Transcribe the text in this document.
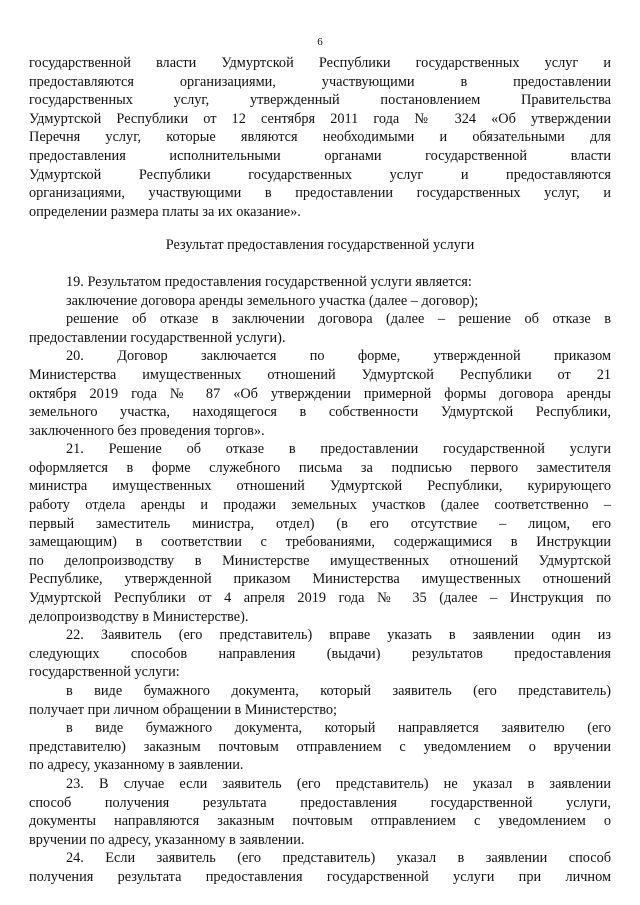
6

государственной власти Удмуртской Республики государственных услуг и

предоставляются организациями, участвующими в предоставлении

государственных услуг, утвержденный постановлением Правительства

Удмуртской Республики от 12 сентября 2011 года № 324 «Об утверждении

Перечня услуг, которые являются необходимыми и обязательными для

предоставления исполнительными органами государственной власти

Удмуртской Республики государственных услуг и предоставляются

организациями, участвующими в предоставлении государственных услуг, и

определении размера платы за их оказание».

Результат предоставления государственной услуги

19. Результатом предоставления государственной услуги является:

заключение договора аренды земельного участка (далее – договор);

решение об отказе в заключении договора (далее – решение об отказе в

предоставлении государственной услуги).

20. Договор заключается по форме, утвержденной приказом

Министерства имущественных отношений Удмуртской Республики от 21

октября 2019 года № 87 «Об утверждении примерной формы договора аренды

земельного участка, находящегося в собственности Удмуртской Республики,

заключенного без проведения торгов».

21. Решение об отказе в предоставлении государственной услуги

оформляется в форме служебного письма за подписью первого заместителя

министра имущественных отношений Удмуртской Республики, курирующего

работу отдела аренды и продажи земельных участков (далее соответственно –

первый заместитель министра, отдел) (в его отсутствие – лицом, его

замещающим) в соответствии с требованиями, содержащимися в Инструкции

по делопроизводству в Министерстве имущественных отношений Удмуртской

Республике, утвержденной приказом Министерства имущественных отношений

Удмуртской Республики от 4 апреля 2019 года № 35 (далее – Инструкция по

делопроизводству в Министерстве).

22. Заявитель (его представитель) вправе указать в заявлении один из

следующих способов направления (выдачи) результатов предоставления

государственной услуги:

в виде бумажного документа, который заявитель (его представитель)

получает при личном обращении в Министерство;

в виде бумажного документа, который направляется заявителю (его

представителю) заказным почтовым отправлением с уведомлением о вручении

по адресу, указанному в заявлении.

23. В случае если заявитель (его представитель) не указал в заявлении

способ получения результата предоставления государственной услуги,

документы направляются заказным почтовым отправлением с уведомлением о

вручении по адресу, указанному в заявлении.

24. Если заявитель (его представитель) указал в заявлении способ

получения результата предоставления государственной услуги при личном
